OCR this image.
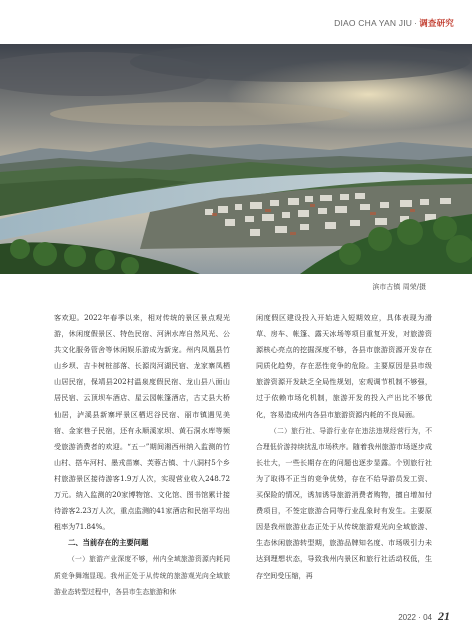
DIAO CHA YAN JIU · 调查研究
滨市古镇 周荣/摄

客欢迎。2022年春季以来，相对传统的景区景点观光游，休闲度假景区、特色民宿、河洲水库自然风光、公共文化服务管舍等休闲娱乐游成为新宠。州内凤凰县竹山乡坝、吉卡树桩部落、长源岗河湖民宿、龙家寨凤栖山居民宿，保靖县202村温泉度假民宿、龙山县八面山居民宿、云顶坝车酒店、星云园帐篷酒店，古丈县大桥仙居，泸溪县新寨坪景区栖迟谷民宿、丽市镇遇见美宿、金家巷子民宿，还有永顺溪家坝、黄石洞水库等频受旅游消费者的欢迎。“五一”期间湘西州纳入监测的竹山村、搭车河村、墨戎苗寨、芙蓉古镇、十八洞村5个乡村旅游景区接待游客1.9万人次，实现营业收入248.72万元。纳入监测的20家博物馆、文化馆、图书馆累计接待游客2.23万人次，重点监测的41家酒店和民宿平均出租率为71.84%。

二、当前存在的主要问题

（一）旅游产业深度不够，州内全域旅游资源内耗同质竞争舞端显现。我州正处于从传统的旅游观光向全域旅游业态转型过程中，各县市生态旅游和休

闲度假区建设投入开始进入短期效应，具体表现为滑草、房车、帐篷、露天冰场等项目重复开发，对旅游资源核心亮点的挖掘深度不够，各县市旅游资源开发存在同质化趋势，存在恶性竞争的危险。主要原因是县市级旅游资源开发缺乏全局性规划，宏观调节机制不够强，过于依赖市场化机制，旅游开发的投入产出比不够优化，容易造成州内各县市旅游资源内耗的不良局面。

（二）旅行社、导游行业存在违法违规经营行为，不合理低价游持续扰乱市场秩序。随着我州旅游市场逐步成长壮大，一些长期存在的问题也逐步显露。个别旅行社为了取得不正当的竞争优势，存在不给导游员发工资、买保险的情况，诱加诱导旅游消费者购物，擅自增加付费项目，不签定旅游合同等行业乱象时有发生。主要原因是我州旅游业态正处于从传统旅游观光向全域旅游、生态休闲旅游转型期，旅游品牌知名度、市场吸引力未达到理想状态，导致我州内景区和旅行社活动权低，生存空间受压缩，再

2022 · 04 21
